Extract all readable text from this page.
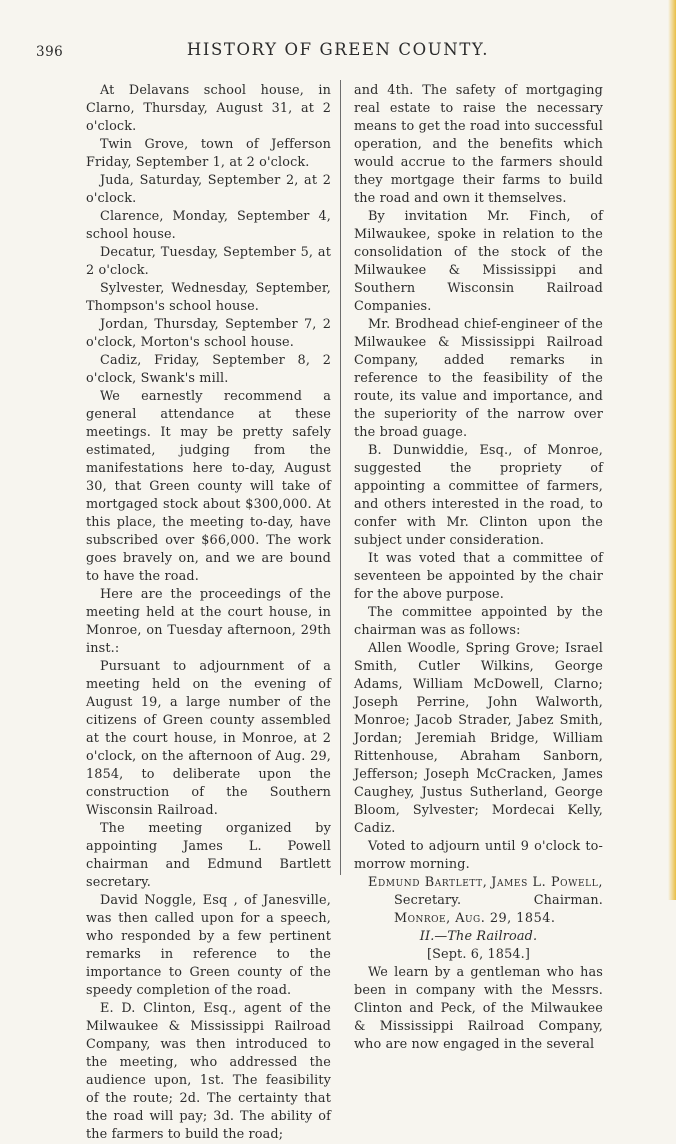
396	HISTORY OF GREEN COUNTY.

At Delavans school house, in Clarno, Thursday, August 31, at 2 o'clock.

Twin Grove, town of Jefferson Friday, September 1, at 2 o'clock.

Juda, Saturday, September 2, at 2 o'clock.

Clarence, Monday, September 4, school house.

Decatur, Tuesday, September 5, at 2 o'clock.

Sylvester, Wednesday, September, Thompson's school house.

Jordan, Thursday, September 7, 2 o'clock, Morton's school house.

Cadiz, Friday, September 8, 2 o'clock, Swank's mill.

We earnestly recommend a general attendance at these meetings. It may be pretty safely estimated, judging from the manifestations here to-day, August 30, that Green county will take of mortgaged stock about $300,000. At this place, the meeting to-day, have subscribed over $66,000. The work goes bravely on, and we are bound to have the road.

Here are the proceedings of the meeting held at the court house, in Monroe, on Tuesday afternoon, 29th inst.:

Pursuant to adjournment of a meeting held on the evening of August 19, a large number of the citizens of Green county assembled at the court house, in Monroe, at 2 o'clock, on the afternoon of Aug. 29, 1854, to deliberate upon the construction of the Southern Wisconsin Railroad.

The meeting organized by appointing James L. Powell chairman and Edmund Bartlett secretary.

David Noggle, Esq , of Janesville, was then called upon for a speech, who responded by a few pertinent remarks in reference to the importance to Green county of the speedy completion of the road.

E. D. Clinton, Esq., agent of the Milwaukee & Mississippi Railroad Company, was then introduced to the meeting, who addressed the audience upon, 1st. The feasibility of the route; 2d. The certainty that the road will pay; 3d. The ability of the farmers to build the road;

and 4th. The safety of mortgaging real estate to raise the necessary means to get the road into successful operation, and the benefits which would accrue to the farmers should they mortgage their farms to build the road and own it themselves.

By invitation Mr. Finch, of Milwaukee, spoke in relation to the consolidation of the stock of the Milwaukee & Mississippi and Southern Wisconsin Railroad Companies.

Mr. Brodhead chief-engineer of the Milwaukee & Mississippi Railroad Company, added remarks in reference to the feasibility of the route, its value and importance, and the superiority of the narrow over the broad guage.

B. Dunwiddie, Esq., of Monroe, suggested the propriety of appointing a committee of farmers, and others interested in the road, to confer with Mr. Clinton upon the subject under consideration.

It was voted that a committee of seventeen be appointed by the chair for the above purpose.

The committee appointed by the chairman was as follows:

Allen Woodle, Spring Grove; Israel Smith, Cutler Wilkins, George Adams, William McDowell, Clarno; Joseph Perrine, John Walworth, Monroe; Jacob Strader, Jabez Smith, Jordan; Jeremiah Bridge, William Rittenhouse, Abraham Sanborn, Jefferson; Joseph McCracken, James Caughey, Justus Sutherland, George Bloom, Sylvester; Mordecai Kelly, Cadiz.

Voted to adjourn until 9 o'clock to-morrow morning.

Edmund Bartlett, James L. Powell,
Secretary.	Chairman.
Monroe, Aug. 29, 1854.
II.—The Railroad.
[Sept. 6, 1854.]

We learn by a gentleman who has been in company with the Messrs. Clinton and Peck, of the Milwaukee & Mississippi Railroad Company, who are now engaged in the several
